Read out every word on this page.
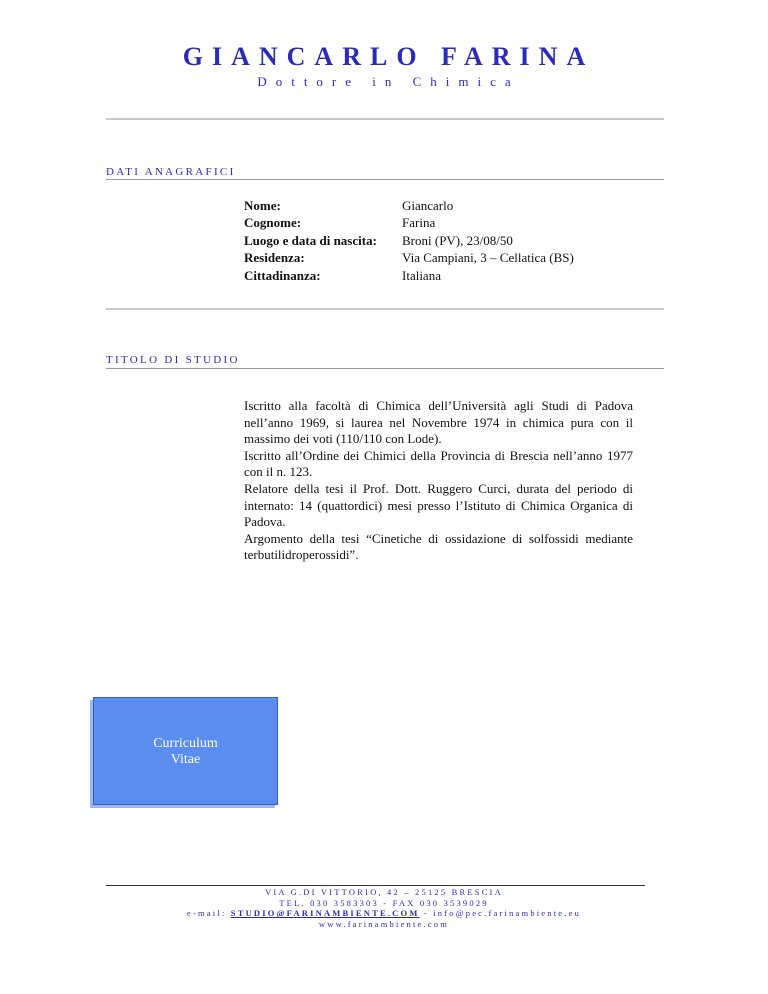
GIANCARLO FARINA
Dottore in Chimica
DATI ANAGRAFICI
Nome:	Giancarlo
Cognome:	Farina
Luogo e data di nascita:	Broni (PV), 23/08/50
Residenza:	Via Campiani, 3 – Cellatica (BS)
Cittadinanza:	Italiana
TITOLO DI STUDIO

Iscritto alla facoltà di Chimica dell’Università agli Studi di Padova nell’anno 1969, si laurea nel Novembre 1974 in chimica pura con il massimo dei voti (110/110 con Lode).

Iscritto all’Ordine dei Chimici della Provincia di Brescia nell’anno 1977 con il n. 123.

Relatore della tesi il Prof. Dott. Ruggero Curci, durata del periodo di internato: 14 (quattordici) mesi presso l’Istituto di Chimica Organica di Padova.

Argomento della tesi “Cinetiche di ossidazione di solfossidi mediante terbutilidroperossidi”.

Curriculum
Vitae
VIA G.DI VITTORIO, 42 – 25125 BRESCIA
TEL. 030 3583303 - FAX 030 3539029
e-mail: STUDIO@FARINAMBIENTE.COM - info@pec.farinambiente.eu
www.farinambiente.com
